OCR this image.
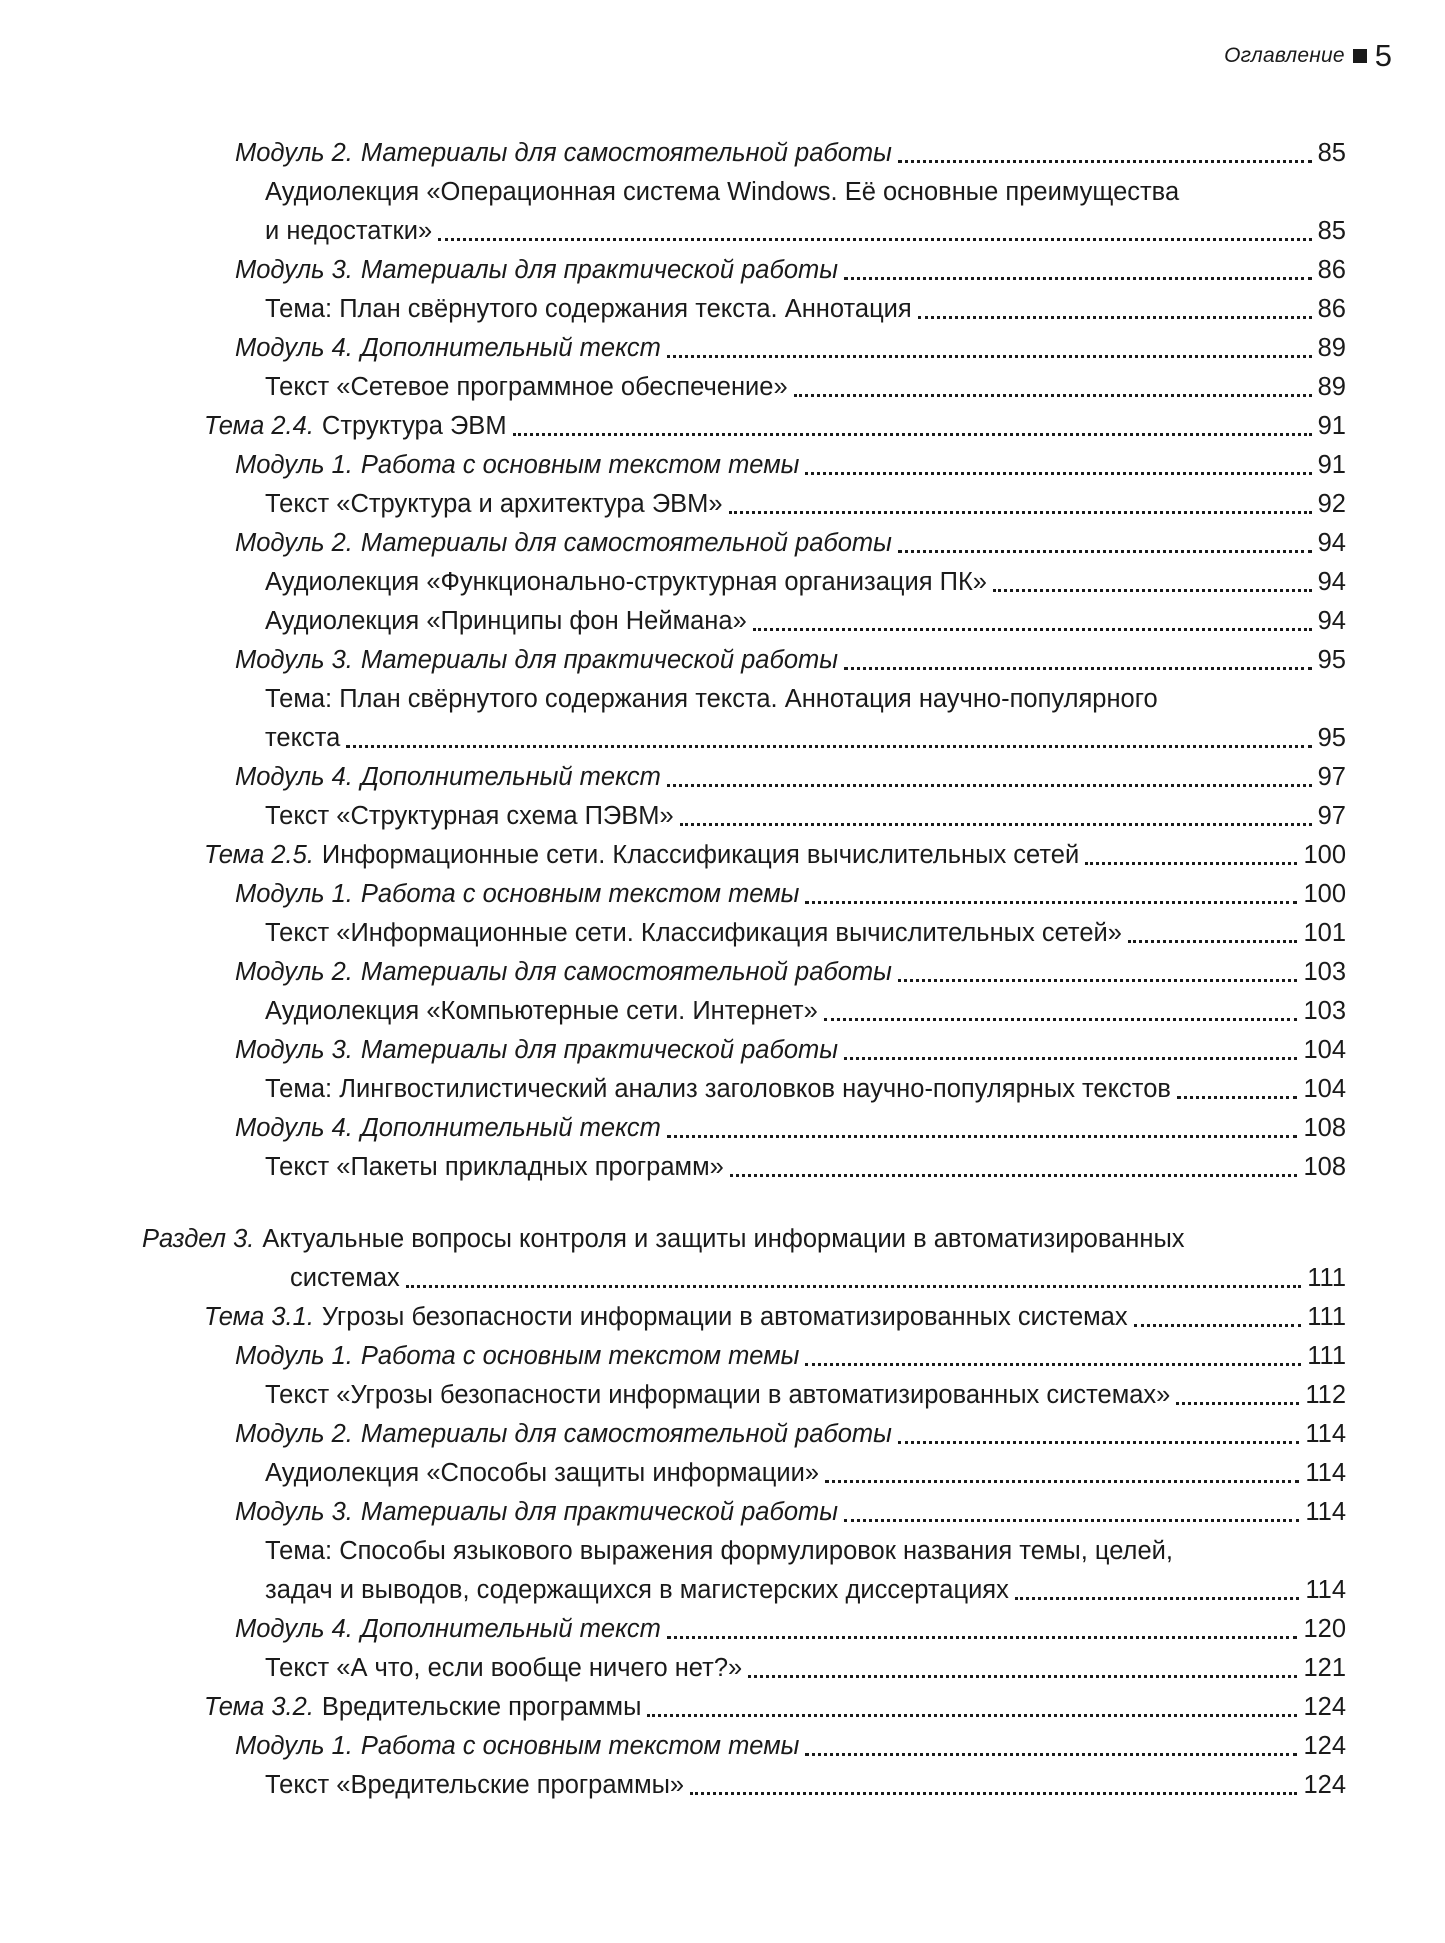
Оглавление 5
Модуль 2. Материалы для самостоятельной работы	85
Аудиолекция «Операционная система Windows. Её основные преимущества
и недостатки»	85
Модуль 3. Материалы для практической работы	86
Тема: План свёрнутого содержания текста. Аннотация	86
Модуль 4. Дополнительный текст	89
Текст «Сетевое программное обеспечение»	89
Тема 2.4. Структура ЭВМ	91
Модуль 1. Работа с основным текстом темы	91
Текст «Структура и архитектура ЭВМ»	92
Модуль 2. Материалы для самостоятельной работы	94
Аудиолекция «Функционально-структурная организация ПК»	94
Аудиолекция «Принципы фон Неймана»	94
Модуль 3. Материалы для практической работы	95
Тема: План свёрнутого содержания текста. Аннотация научно-популярного
текста	95
Модуль 4. Дополнительный текст	97
Текст «Структурная схема ПЭВМ»	97
Тема 2.5. Информационные сети. Классификация вычислительных сетей	100
Модуль 1. Работа с основным текстом темы	100
Текст «Информационные сети. Классификация вычислительных сетей»	101
Модуль 2. Материалы для самостоятельной работы	103
Аудиолекция «Компьютерные сети. Интернет»	103
Модуль 3. Материалы для практической работы	104
Тема: Лингвостилистический анализ заголовков научно-популярных текстов	104
Модуль 4. Дополнительный текст	108
Текст «Пакеты прикладных программ»	108
Раздел 3. Актуальные вопросы контроля и защиты информации в автоматизированных
системах	111
Тема 3.1. Угрозы безопасности информации в автоматизированных системах	111
Модуль 1. Работа с основным текстом темы	111
Текст «Угрозы безопасности информации в автоматизированных системах»	112
Модуль 2. Материалы для самостоятельной работы	114
Аудиолекция «Способы защиты информации»	114
Модуль 3. Материалы для практической работы	114
Тема: Способы языкового выражения формулировок названия темы, целей,
задач и выводов, содержащихся в магистерских диссертациях	114
Модуль 4. Дополнительный текст	120
Текст «А что, если вообще ничего нет?»	121
Тема 3.2. Вредительские программы	124
Модуль 1. Работа с основным текстом темы	124
Текст «Вредительские программы»	124
